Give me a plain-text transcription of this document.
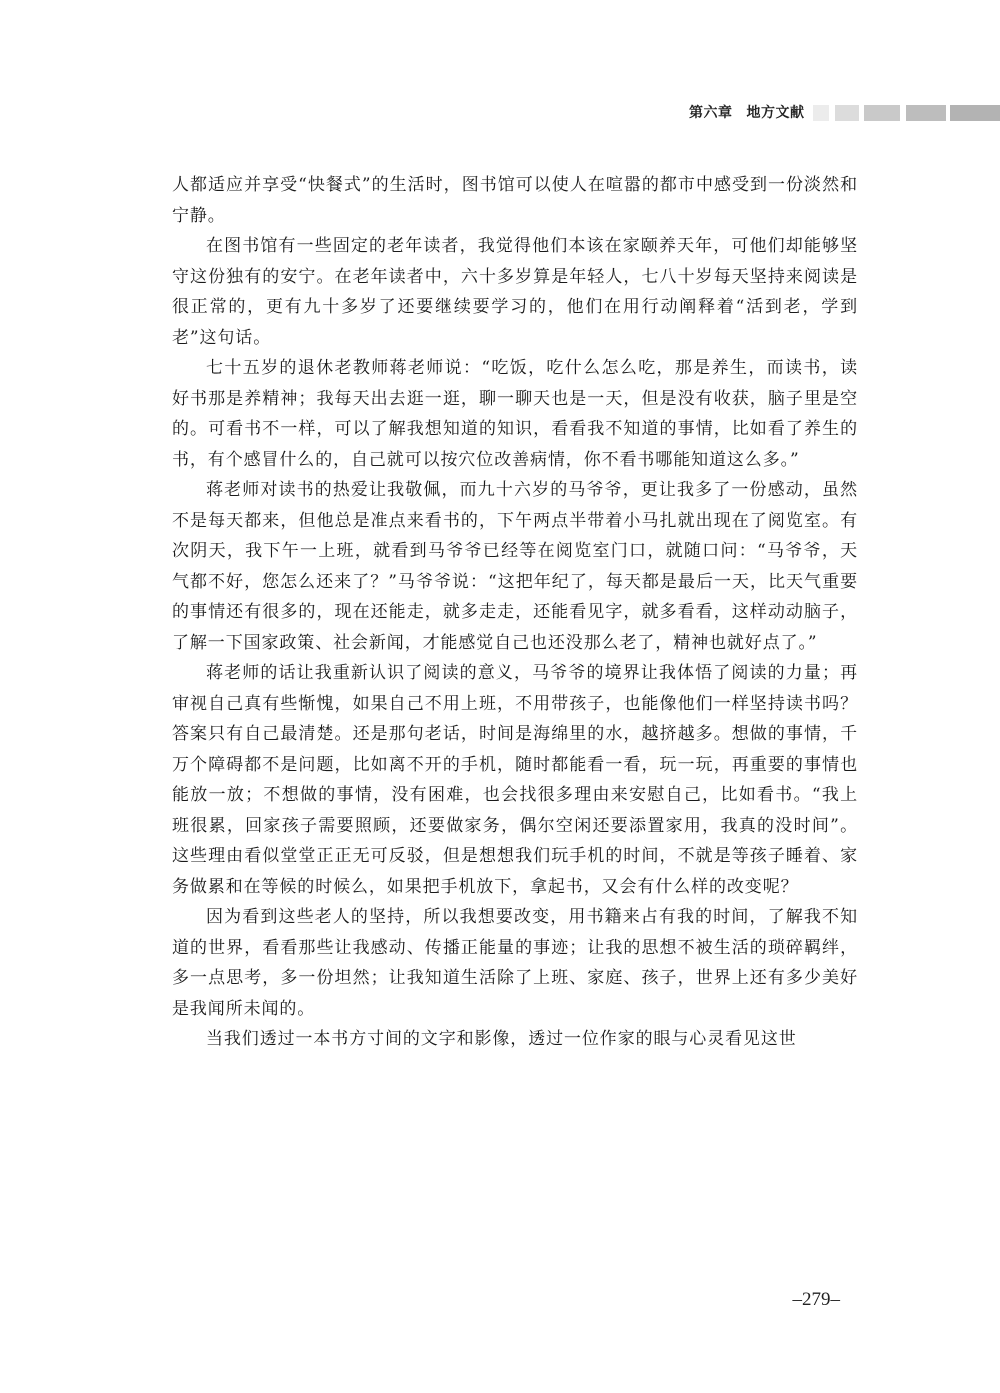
第六章 地方文献

人都适应并享受“快餐式”的生活时，图书馆可以使人在喧嚣的都市中感受到一份淡然和宁静。

在图书馆有一些固定的老年读者，我觉得他们本该在家颐养天年，可他们却能够坚守这份独有的安宁。在老年读者中，六十多岁算是年轻人，七八十岁每天坚持来阅读是很正常的，更有九十多岁了还要继续要学习的，他们在用行动阐释着“活到老，学到老”这句话。

七十五岁的退休老教师蒋老师说：“吃饭，吃什么怎么吃，那是养生，而读书，读好书那是养精神；我每天出去逛一逛，聊一聊天也是一天，但是没有收获，脑子里是空的。可看书不一样，可以了解我想知道的知识，看看我不知道的事情，比如看了养生的书，有个感冒什么的，自己就可以按穴位改善病情，你不看书哪能知道这么多。”

蒋老师对读书的热爱让我敬佩，而九十六岁的马爷爷，更让我多了一份感动，虽然不是每天都来，但他总是准点来看书的，下午两点半带着小马扎就出现在了阅览室。有次阴天，我下午一上班，就看到马爷爷已经等在阅览室门口，就随口问：“马爷爷，天气都不好，您怎么还来了？”马爷爷说：“这把年纪了，每天都是最后一天，比天气重要的事情还有很多的，现在还能走，就多走走，还能看见字，就多看看，这样动动脑子，了解一下国家政策、社会新闻，才能感觉自己也还没那么老了，精神也就好点了。”

蒋老师的话让我重新认识了阅读的意义，马爷爷的境界让我体悟了阅读的力量；再审视自己真有些惭愧，如果自己不用上班，不用带孩子，也能像他们一样坚持读书吗？答案只有自己最清楚。还是那句老话，时间是海绵里的水，越挤越多。想做的事情，千万个障碍都不是问题，比如离不开的手机，随时都能看一看，玩一玩，再重要的事情也能放一放；不想做的事情，没有困难，也会找很多理由来安慰自己，比如看书。“我上班很累，回家孩子需要照顾，还要做家务，偶尔空闲还要添置家用，我真的没时间”。这些理由看似堂堂正正无可反驳，但是想想我们玩手机的时间，不就是等孩子睡着、家务做累和在等候的时候么，如果把手机放下，拿起书，又会有什么样的改变呢？

因为看到这些老人的坚持，所以我想要改变，用书籍来占有我的时间，了解我不知道的世界，看看那些让我感动、传播正能量的事迹；让我的思想不被生活的琐碎羁绊，多一点思考，多一份坦然；让我知道生活除了上班、家庭、孩子，世界上还有多少美好是我闻所未闻的。

当我们透过一本书方寸间的文字和影像，透过一位作家的眼与心灵看见这世

–279–
